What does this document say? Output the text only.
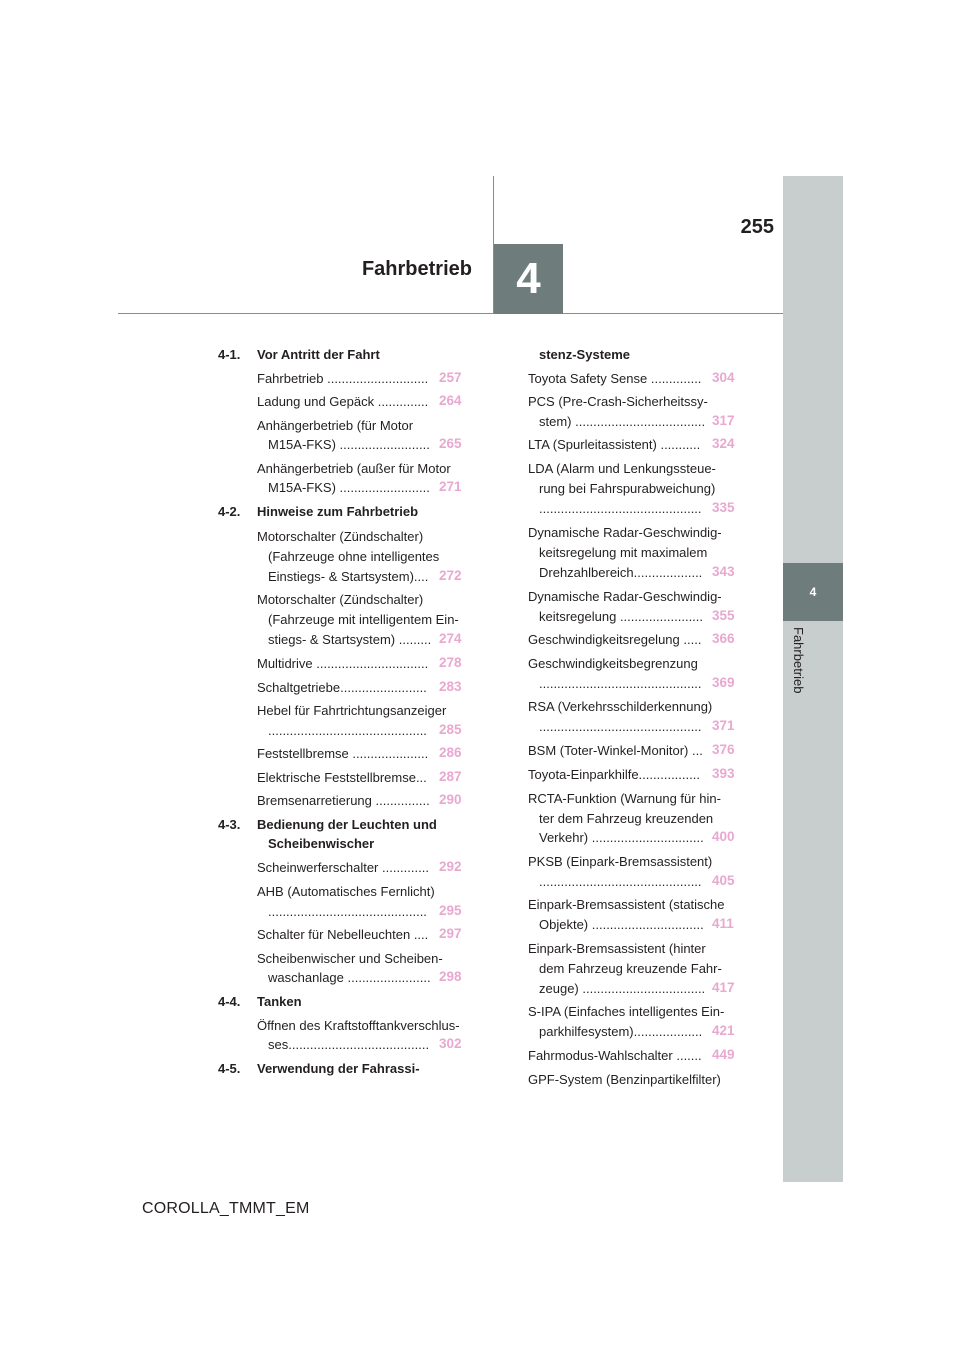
255
Fahrbetrieb	4
4
4-1. Vor Antritt der Fahrt
Fahrbetrieb ............................ 257
Ladung und Gepäck .............. 264
Anhängerbetrieb (für Motor
M15A-FKS) ......................... 265
Anhängerbetrieb (außer für Motor
M15A-FKS) ......................... 271
4-2. Hinweise zum Fahrbetrieb
Motorschalter (Zündschalter)
(Fahrzeuge ohne intelligentes
Einstiegs- & Startsystem).... 272
Motorschalter (Zündschalter)
(Fahrzeuge mit intelligentem Ein-
stiegs- & Startsystem) ......... 274
Multidrive ............................... 278
Schaltgetriebe........................ 283
Hebel für Fahrtrichtungsanzeiger
............................................ 285
Feststellbremse ..................... 286
Elektrische Feststellbremse... 287
Bremsenarretierung ............... 290
4-3. Bedienung der Leuchten und
Scheibenwischer
Scheinwerferschalter ............. 292
AHB (Automatisches Fernlicht)
............................................ 295
Schalter für Nebelleuchten .... 297
Scheibenwischer und Scheiben-
waschanlage ....................... 298
4-4. Tanken
Öffnen des Kraftstofftankverschlus-
ses....................................... 302
4-5. Verwendung der Fahrassi-
stenz-Systeme
Toyota Safety Sense .............. 304
PCS (Pre-Crash-Sicherheitssy-
stem) .................................... 317
LTA (Spurleitassistent) ........... 324
LDA (Alarm und Lenkungssteue-
rung bei Fahrspurabweichung)
............................................. 335
Dynamische Radar-Geschwindig-
keitsregelung mit maximalem
Drehzahlbereich................... 343
Dynamische Radar-Geschwindig-
keitsregelung ....................... 355
Geschwindigkeitsregelung ..... 366
Geschwindigkeitsbegrenzung
............................................. 369
RSA (Verkehrsschilderkennung)
............................................. 371
BSM (Toter-Winkel-Monitor) ... 376
Toyota-Einparkhilfe................. 393
RCTA-Funktion (Warnung für hin-
ter dem Fahrzeug kreuzenden
Verkehr) ............................... 400
PKSB (Einpark-Bremsassistent)
............................................. 405
Einpark-Bremsassistent (statische
Objekte) ............................... 411
Einpark-Bremsassistent (hinter
dem Fahrzeug kreuzende Fahr-
zeuge) .................................. 417
S-IPA (Einfaches intelligentes Ein-
parkhilfesystem)................... 421
Fahrmodus-Wahlschalter ....... 449
GPF-System (Benzinpartikelfilter)
COROLLA_TMMT_EM
